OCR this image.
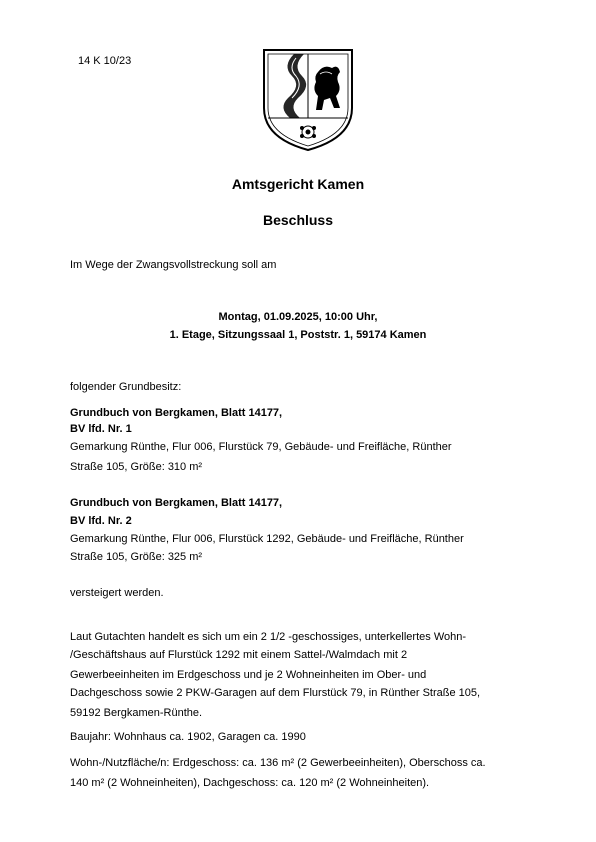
14 K 10/23

Amtsgericht Kamen

Beschluss

Im Wege der Zwangsvollstreckung soll am

Montag, 01.09.2025, 10:00 Uhr,

1. Etage, Sitzungssaal 1, Poststr. 1, 59174 Kamen

folgender Grundbesitz:

Grundbuch von Bergkamen, Blatt 14177,

BV lfd. Nr. 1

Gemarkung Rünthe, Flur 006, Flurstück 79, Gebäude- und Freifläche, Rünther

Straße 105, Größe: 310 m²

Grundbuch von Bergkamen, Blatt 14177,

BV lfd. Nr. 2

Gemarkung Rünthe, Flur 006, Flurstück 1292, Gebäude- und Freifläche, Rünther

Straße 105, Größe: 325 m²

versteigert werden.

Laut Gutachten handelt es sich um ein 2 1/2 -geschossiges, unterkellertes Wohn-

/Geschäftshaus auf Flurstück 1292 mit einem Sattel-/Walmdach mit 2

Gewerbeeinheiten im Erdgeschoss und je 2 Wohneinheiten im Ober- und

Dachgeschoss sowie 2 PKW-Garagen auf dem Flurstück 79, in Rünther Straße 105,

59192 Bergkamen-Rünthe.

Baujahr: Wohnhaus ca. 1902, Garagen ca. 1990

Wohn-/Nutzfläche/n: Erdgeschoss: ca. 136 m² (2 Gewerbeeinheiten), Oberschoss ca.

140 m² (2 Wohneinheiten), Dachgeschoss: ca. 120 m² (2 Wohneinheiten).
